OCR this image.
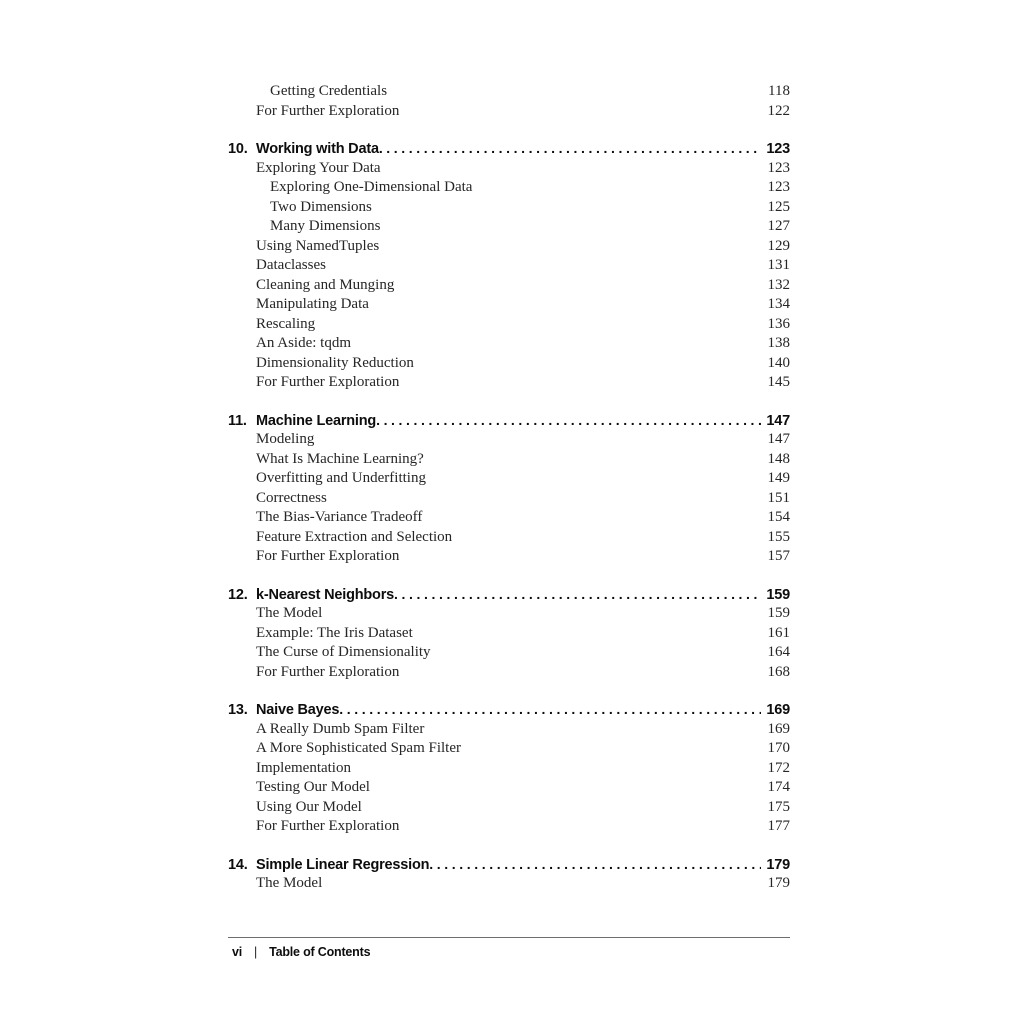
Getting Credentials	118
For Further Exploration	122
10. Working with Data .....	123
Exploring Your Data	123
Exploring One-Dimensional Data	123
Two Dimensions	125
Many Dimensions	127
Using NamedTuples	129
Dataclasses	131
Cleaning and Munging	132
Manipulating Data	134
Rescaling	136
An Aside: tqdm	138
Dimensionality Reduction	140
For Further Exploration	145
11. Machine Learning .....	147
Modeling	147
What Is Machine Learning?	148
Overfitting and Underfitting	149
Correctness	151
The Bias-Variance Tradeoff	154
Feature Extraction and Selection	155
For Further Exploration	157
12. k-Nearest Neighbors .....	159
The Model	159
Example: The Iris Dataset	161
The Curse of Dimensionality	164
For Further Exploration	168
13. Naive Bayes .....	169
A Really Dumb Spam Filter	169
A More Sophisticated Spam Filter	170
Implementation	172
Testing Our Model	174
Using Our Model	175
For Further Exploration	177
14. Simple Linear Regression .....	179
The Model	179
vi | Table of Contents
